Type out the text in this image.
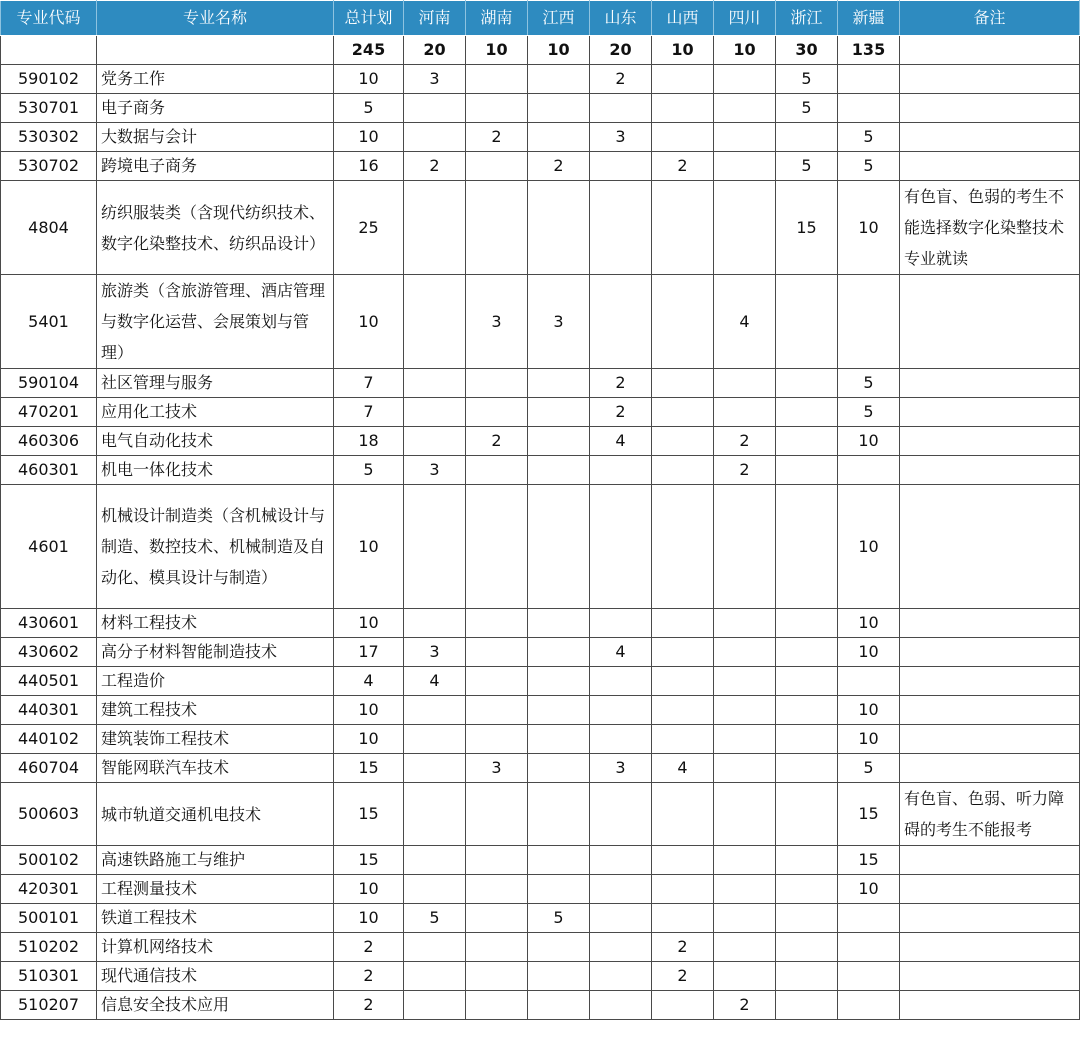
专业代码	专业名称	总计划	河南	湖南	江西	山东	山西	四川	浙江	新疆	备注
		245	20	10	10	20	10	10	30	135	
590102	党务工作	10	3			2			5		
530701	电子商务	5							5		
530302	大数据与会计	10		2		3				5	
530702	跨境电子商务	16	2		2		2		5	5	
4804	纺织服装类（含现代纺织技术、数字化染整技术、纺织品设计）	25							15	10	有色盲、色弱的考生不能选择数字化染整技术专业就读
5401	旅游类（含旅游管理、酒店管理与数字化运营、会展策划与管理）	10		3	3			4			
590104	社区管理与服务	7				2				5	
470201	应用化工技术	7				2				5	
460306	电气自动化技术	18		2		4		2		10	
460301	机电一体化技术	5	3					2			
4601	机械设计制造类（含机械设计与制造、数控技术、机械制造及自动化、模具设计与制造）	10								10	
430601	材料工程技术	10								10	
430602	高分子材料智能制造技术	17	3			4				10	
440501	工程造价	4	4								
440301	建筑工程技术	10								10	
440102	建筑装饰工程技术	10								10	
460704	智能网联汽车技术	15		3		3	4			5	
500603	城市轨道交通机电技术	15								15	有色盲、色弱、听力障碍的考生不能报考
500102	高速铁路施工与维护	15								15	
420301	工程测量技术	10								10	
500101	铁道工程技术	10	5		5						
510202	计算机网络技术	2					2				
510301	现代通信技术	2					2				
510207	信息安全技术应用	2						2			
